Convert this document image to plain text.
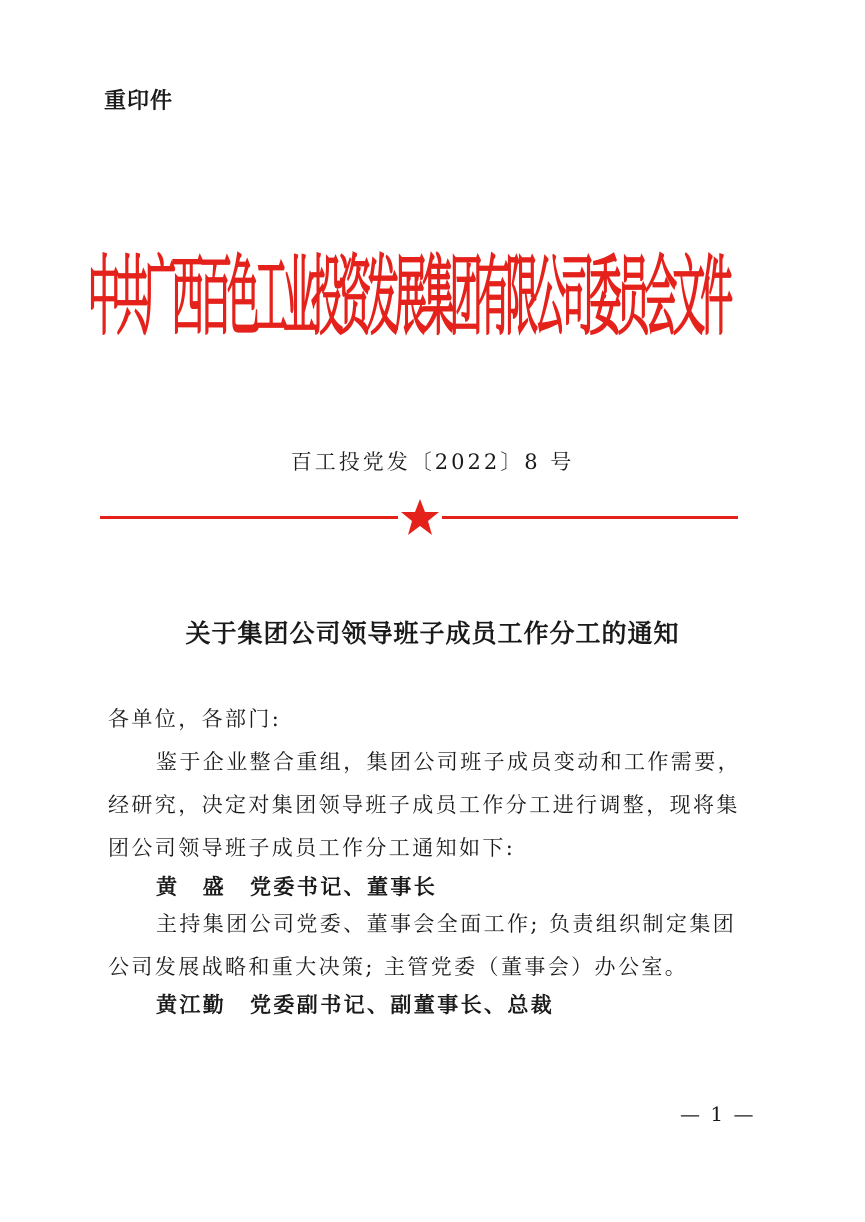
重印件
中共广西百色工业投资发展集团有限公司委员会文件
百工投党发〔2022〕8 号
关于集团公司领导班子成员工作分工的通知
各单位，各部门:
鉴于企业整合重组，集团公司班子成员变动和工作需要，经研究，决定对集团领导班子成员工作分工进行调整，现将集团公司领导班子成员工作分工通知如下:
黄　盛 党委书记、董事长
主持集团公司党委、董事会全面工作; 负责组织制定集团公司发展战略和重大决策; 主管党委（董事会）办公室。
黄江勤 党委副书记、副董事长、总裁
— 1 —
